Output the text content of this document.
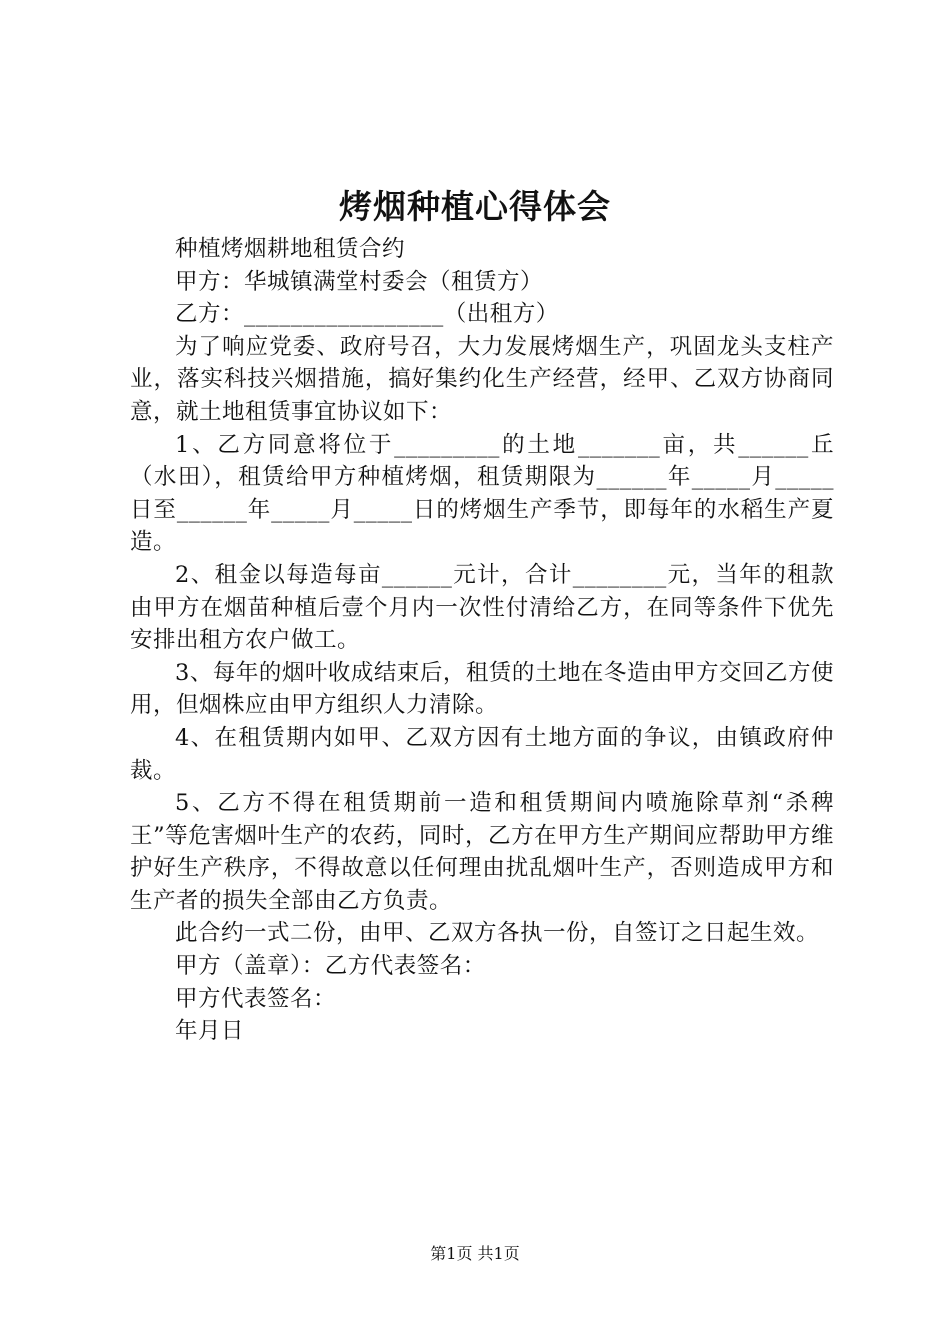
烤烟种植心得体会

种植烤烟耕地租赁合约

甲方：华城镇满堂村委会（租赁方）

乙方：_________________（出租方）

为了响应党委、政府号召，大力发展烤烟生产，巩固龙头支柱产业，落实科技兴烟措施，搞好集约化生产经营，经甲、乙双方协商同意，就土地租赁事宜协议如下：

1、乙方同意将位于_________的土地_______亩，共______丘（水田），租赁给甲方种植烤烟，租赁期限为______年_____月_____日至______年_____月_____日的烤烟生产季节，即每年的水稻生产夏造。

2、租金以每造每亩______元计，合计________元，当年的租款由甲方在烟苗种植后壹个月内一次性付清给乙方，在同等条件下优先安排出租方农户做工。

3、每年的烟叶收成结束后，租赁的土地在冬造由甲方交回乙方使用，但烟株应由甲方组织人力清除。

4、在租赁期内如甲、乙双方因有土地方面的争议，由镇政府仲裁。

5、乙方不得在租赁期前一造和租赁期间内喷施除草剂“杀稗王”等危害烟叶生产的农药，同时，乙方在甲方生产期间应帮助甲方维护好生产秩序，不得故意以任何理由扰乱烟叶生产，否则造成甲方和生产者的损失全部由乙方负责。

此合约一式二份，由甲、乙双方各执一份，自签订之日起生效。

甲方（盖章）：乙方代表签名：

甲方代表签名：

年月日

第1页 共1页
